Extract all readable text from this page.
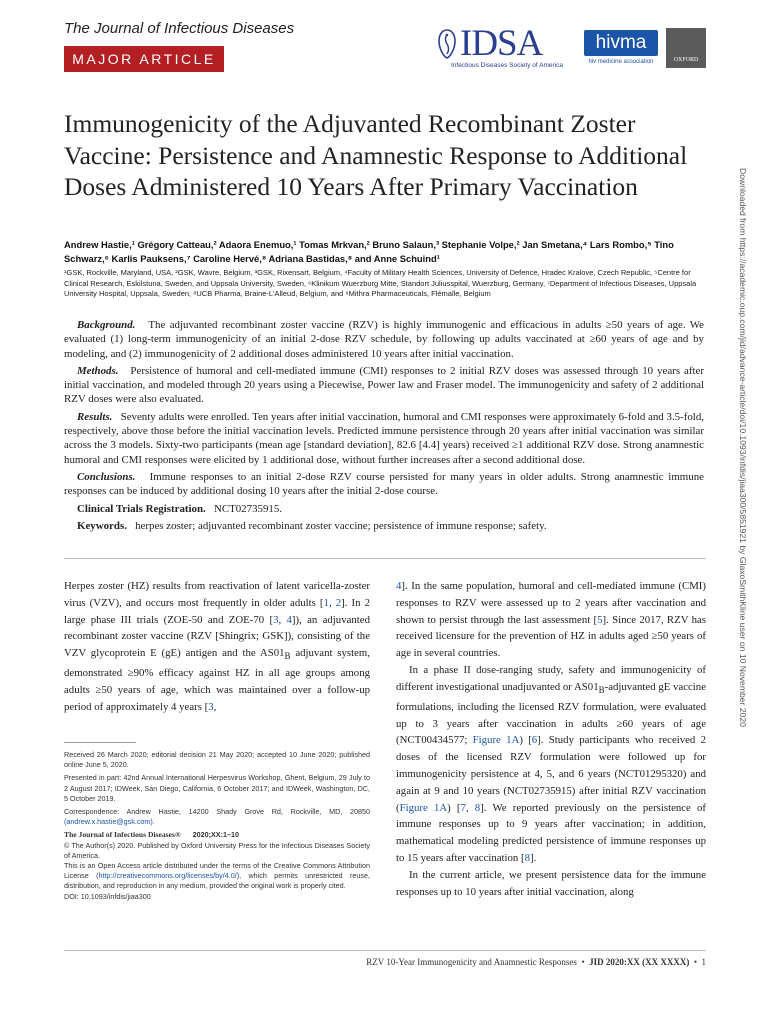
The Journal of Infectious Diseases
MAJOR ARTICLE	IDSA
Infectious Diseases Society of America
hivma
hiv medicine association	OXFORD
Immunogenicity of the Adjuvanted Recombinant Zoster Vaccine: Persistence and Anamnestic Response to Additional Doses Administered 10 Years After Primary Vaccination
Andrew Hastie,¹ Grégory Catteau,² Adaora Enemuo,¹ Tomas Mrkvan,² Bruno Salaun,³ Stephanie Volpe,² Jan Smetana,⁴ Lars Rombo,⁵ Tino Schwarz,⁶ Karlis Pauksens,⁷ Caroline Hervé,⁸ Adriana Bastidas,⁸ and Anne Schuind¹
¹GSK, Rockville, Maryland, USA, ²GSK, Wavre, Belgium, ³GSK, Rixensart, Belgium, ⁴Faculty of Military Health Sciences, University of Defence, Hradec Kralove, Czech Republic, ⁵Centre for Clinical Research, Eskilstuna, Sweden, and Uppsala University, Sweden, ⁶Klinikum Wuerzburg Mitte, Standort Juliusspital, Wuerzburg, Germany, ⁷Department of Infectious Diseases, Uppsala University Hospital, Uppsala, Sweden, ⁸UCB Pharma, Braine-L'Alleud, Belgium, and ⁹Mithra Pharmaceuticals, Flémalle, Belgium

Background. The adjuvanted recombinant zoster vaccine (RZV) is highly immunogenic and efficacious in adults ≥50 years of age. We evaluated (1) long-term immunogenicity of an initial 2-dose RZV schedule, by following up adults vaccinated at ≥60 years of age and by modeling, and (2) immunogenicity of 2 additional doses administered 10 years after initial vaccination.

Methods. Persistence of humoral and cell-mediated immune (CMI) responses to 2 initial RZV doses was assessed through 10 years after initial vaccination, and modeled through 20 years using a Piecewise, Power law and Fraser model. The immunogenicity and safety of 2 additional RZV doses were also evaluated.

Results. Seventy adults were enrolled. Ten years after initial vaccination, humoral and CMI responses were approximately 6-fold and 3.5-fold, respectively, above those before the initial vaccination levels. Predicted immune persistence through 20 years after initial vaccination was similar across the 3 models. Sixty-two participants (mean age [standard deviation], 82.6 [4.4] years) received ≥1 additional RZV dose. Strong anamnestic humoral and CMI responses were elicited by 1 additional dose, without further increases after a second additional dose.

Conclusions. Immune responses to an initial 2-dose RZV course persisted for many years in older adults. Strong anamnestic immune responses can be induced by additional dosing 10 years after the initial 2-dose course.

Clinical Trials Registration. NCT02735915.

Keywords. herpes zoster; adjuvanted recombinant zoster vaccine; persistence of immune response; safety.

Herpes zoster (HZ) results from reactivation of latent varicella-zoster virus (VZV), and occurs most frequently in older adults [1, 2]. In 2 large phase III trials (ZOE-50 and ZOE-70 [3, 4]), an adjuvanted recombinant zoster vaccine (RZV [Shingrix; GSK]), consisting of the VZV glycoprotein E (gE) antigen and the $AS01_B$ adjuvant system, demonstrated ≥90% efficacy against HZ in all age groups among adults ≥50 years of age, which was maintained over a follow-up period of approximately 4 years [3,

4]. In the same population, humoral and cell-mediated immune (CMI) responses to RZV were assessed up to 2 years after vaccination and shown to persist through the last assessment [5]. Since 2017, RZV has received licensure for the prevention of HZ in adults aged ≥50 years of age in several countries.

In a phase II dose-ranging study, safety and immunogenicity of different investigational unadjuvanted or $AS01_B$-adjuvanted gE vaccine formulations, including the licensed RZV formulation, were evaluated up to 3 years after vaccination in adults ≥60 years of age (NCT00434577; Figure 1A) [6]. Study participants who received 2 doses of the licensed RZV formulation were followed up for immunogenicity persistence at 4, 5, and 6 years (NCT01295320) and again at 9 and 10 years (NCT02735915) after initial RZV vaccination (Figure 1A) [7, 8]. We reported previously on the persistence of immune responses up to 9 years after vaccination; in addition, mathematical modeling predicted persistence of immune responses up to 15 years after vaccination [8].

In the current article, we present persistence data for the immune responses up to 10 years after initial vaccination, along

Received 26 March 2020; editorial decision 21 May 2020; accepted 10 June 2020; published online June 5, 2020.

Presented in part: 42nd Annual International Herpesvirus Workshop, Ghent, Belgium, 29 July to 2 August 2017; IDWeek, San Diego, California, 6 October 2017; and IDWeek, Washington, DC, 5 October 2019.

Correspondence: Andrew Hastie, 14200 Shady Grove Rd, Rockville, MD, 20850 (andrew.x.hastie@gsk.com).

The Journal of Infectious Diseases® 2020;XX:1–10
© The Author(s) 2020. Published by Oxford University Press for the Infectious Diseases Society of America.
This is an Open Access article distributed under the terms of the Creative Commons Attribution License (http://creativecommons.org/licenses/by/4.0/), which permits unrestricted reuse, distribution, and reproduction in any medium, provided the original work is properly cited.
DOI: 10.1093/infdis/jiaa300

RZV 10-Year Immunogenicity and Anamnestic Responses • JID 2020:XX (XX XXXX) • 1
Downloaded from https://academic.oup.com/jid/advance-article/doi/10.1093/infdis/jiaa300/5851921 by GlaxoSmithKline user on 10 November 2020
